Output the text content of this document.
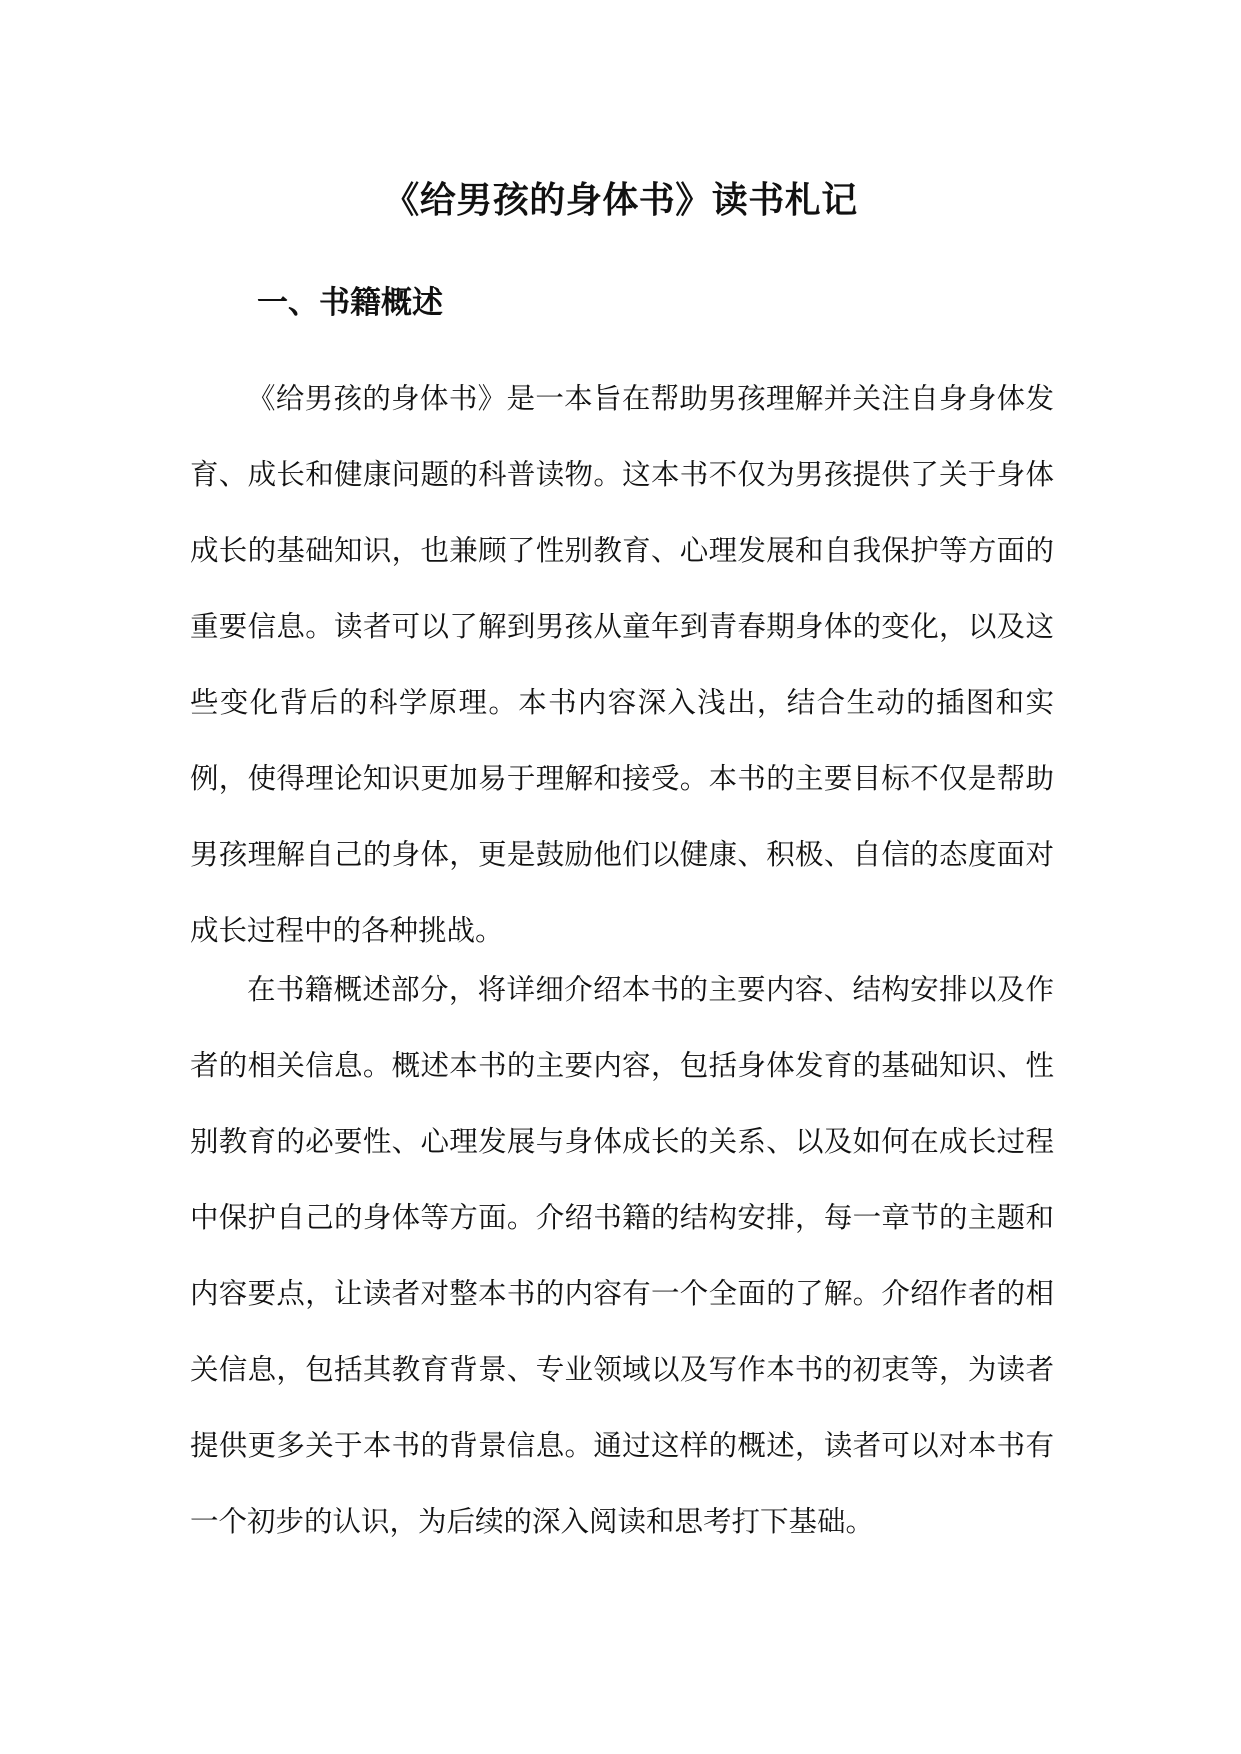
《给男孩的身体书》读书札记
一、书籍概述

《给男孩的身体书》是一本旨在帮助男孩理解并关注自身身体发育、成长和健康问题的科普读物。这本书不仅为男孩提供了关于身体成长的基础知识，也兼顾了性别教育、心理发展和自我保护等方面的重要信息。读者可以了解到男孩从童年到青春期身体的变化，以及这些变化背后的科学原理。本书内容深入浅出，结合生动的插图和实例，使得理论知识更加易于理解和接受。本书的主要目标不仅是帮助男孩理解自己的身体，更是鼓励他们以健康、积极、自信的态度面对成长过程中的各种挑战。

在书籍概述部分，将详细介绍本书的主要内容、结构安排以及作者的相关信息。概述本书的主要内容，包括身体发育的基础知识、性别教育的必要性、心理发展与身体成长的关系、以及如何在成长过程中保护自己的身体等方面。介绍书籍的结构安排，每一章节的主题和内容要点，让读者对整本书的内容有一个全面的了解。介绍作者的相关信息，包括其教育背景、专业领域以及写作本书的初衷等，为读者提供更多关于本书的背景信息。通过这样的概述，读者可以对本书有一个初步的认识，为后续的深入阅读和思考打下基础。
